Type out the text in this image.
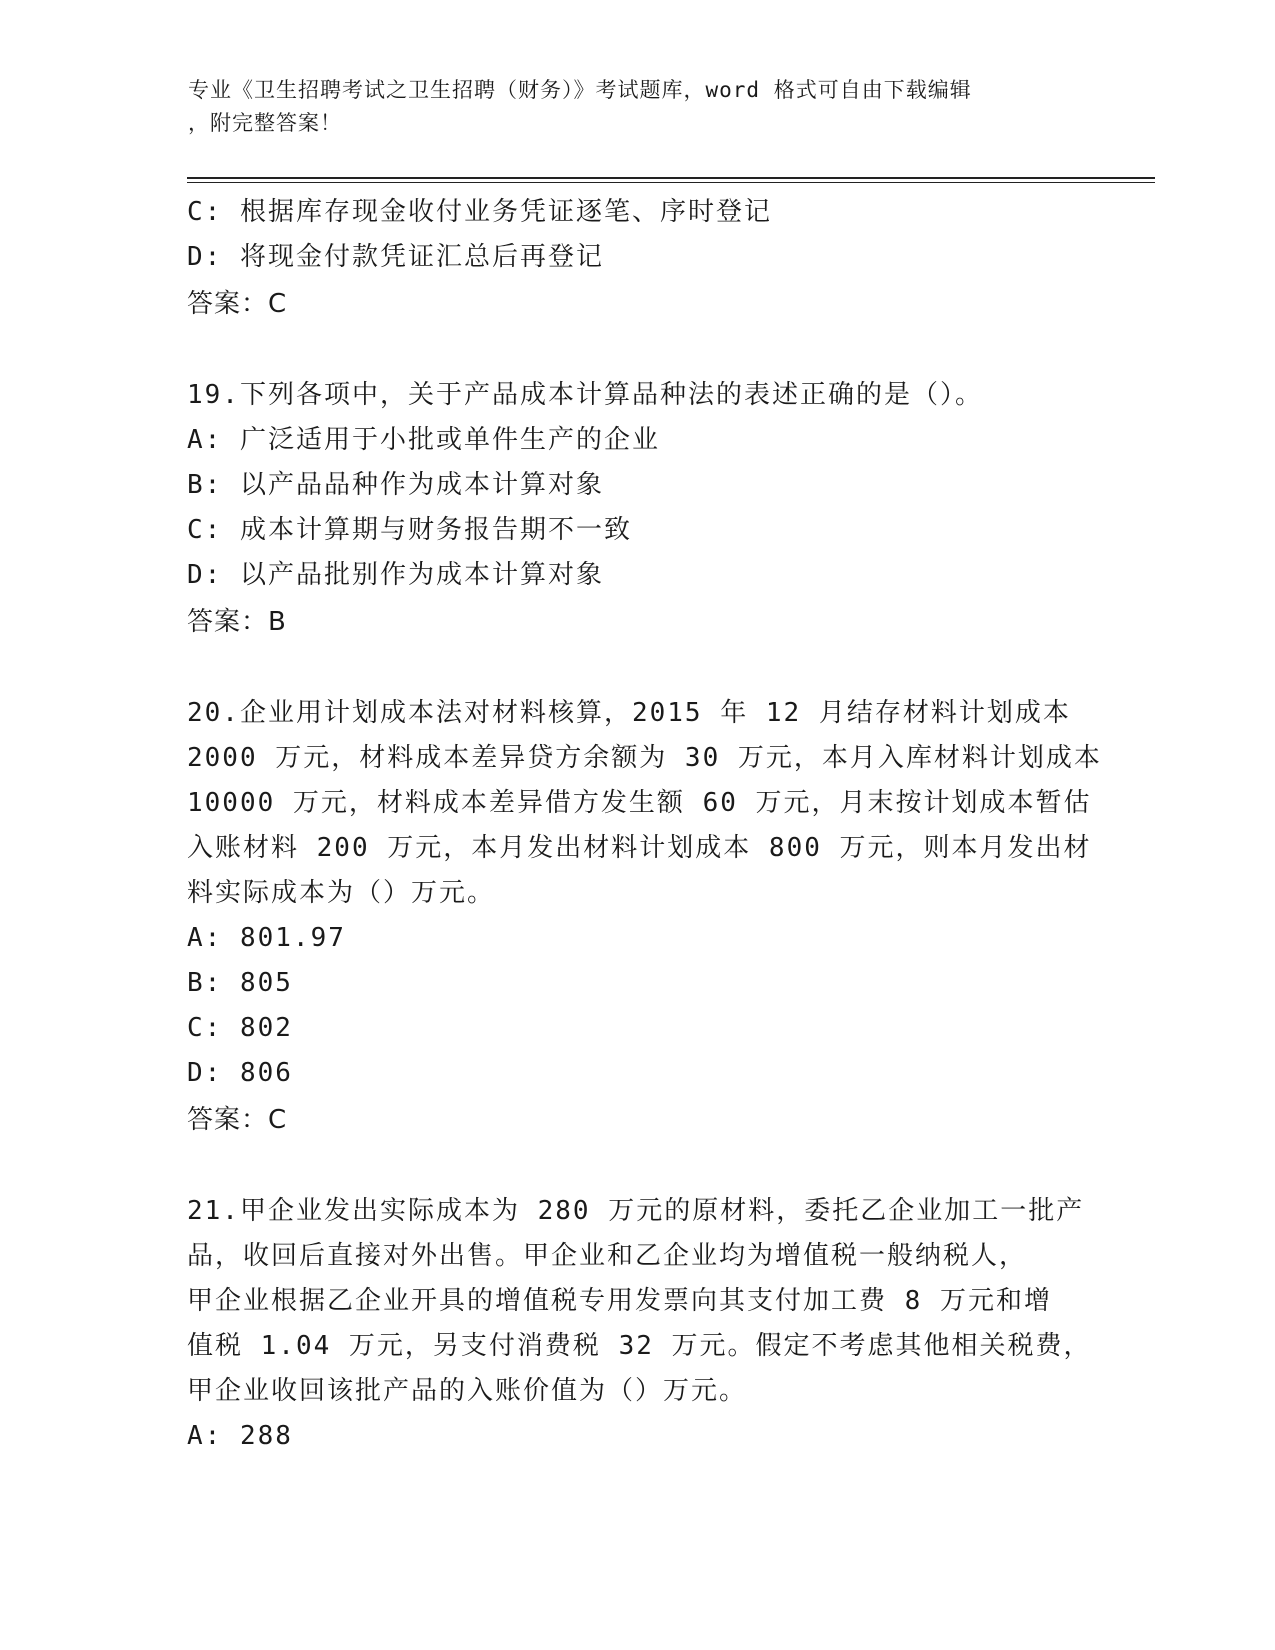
专业《卫生招聘考试之卫生招聘（财务）》考试题库，word 格式可自由下载编辑
，附完整答案！
C: 根据库存现金收付业务凭证逐笔、序时登记
D: 将现金付款凭证汇总后再登记
答案：C
19.下列各项中，关于产品成本计算品种法的表述正确的是（）。
A: 广泛适用于小批或单件生产的企业
B: 以产品品种作为成本计算对象
C: 成本计算期与财务报告期不一致
D: 以产品批别作为成本计算对象
答案：B
20.企业用计划成本法对材料核算，2015 年 12 月结存材料计划成本
2000 万元，材料成本差异贷方余额为 30 万元，本月入库材料计划成本
10000 万元，材料成本差异借方发生额 60 万元，月末按计划成本暂估
入账材料 200 万元，本月发出材料计划成本 800 万元，则本月发出材
料实际成本为（）万元。
A: 801.97
B: 805
C: 802
D: 806
答案：C
21.甲企业发出实际成本为 280 万元的原材料，委托乙企业加工一批产
品，收回后直接对外出售。甲企业和乙企业均为增值税一般纳税人，
甲企业根据乙企业开具的增值税专用发票向其支付加工费 8 万元和增
值税 1.04 万元，另支付消费税 32 万元。假定不考虑其他相关税费，
甲企业收回该批产品的入账价值为（）万元。
A: 288
